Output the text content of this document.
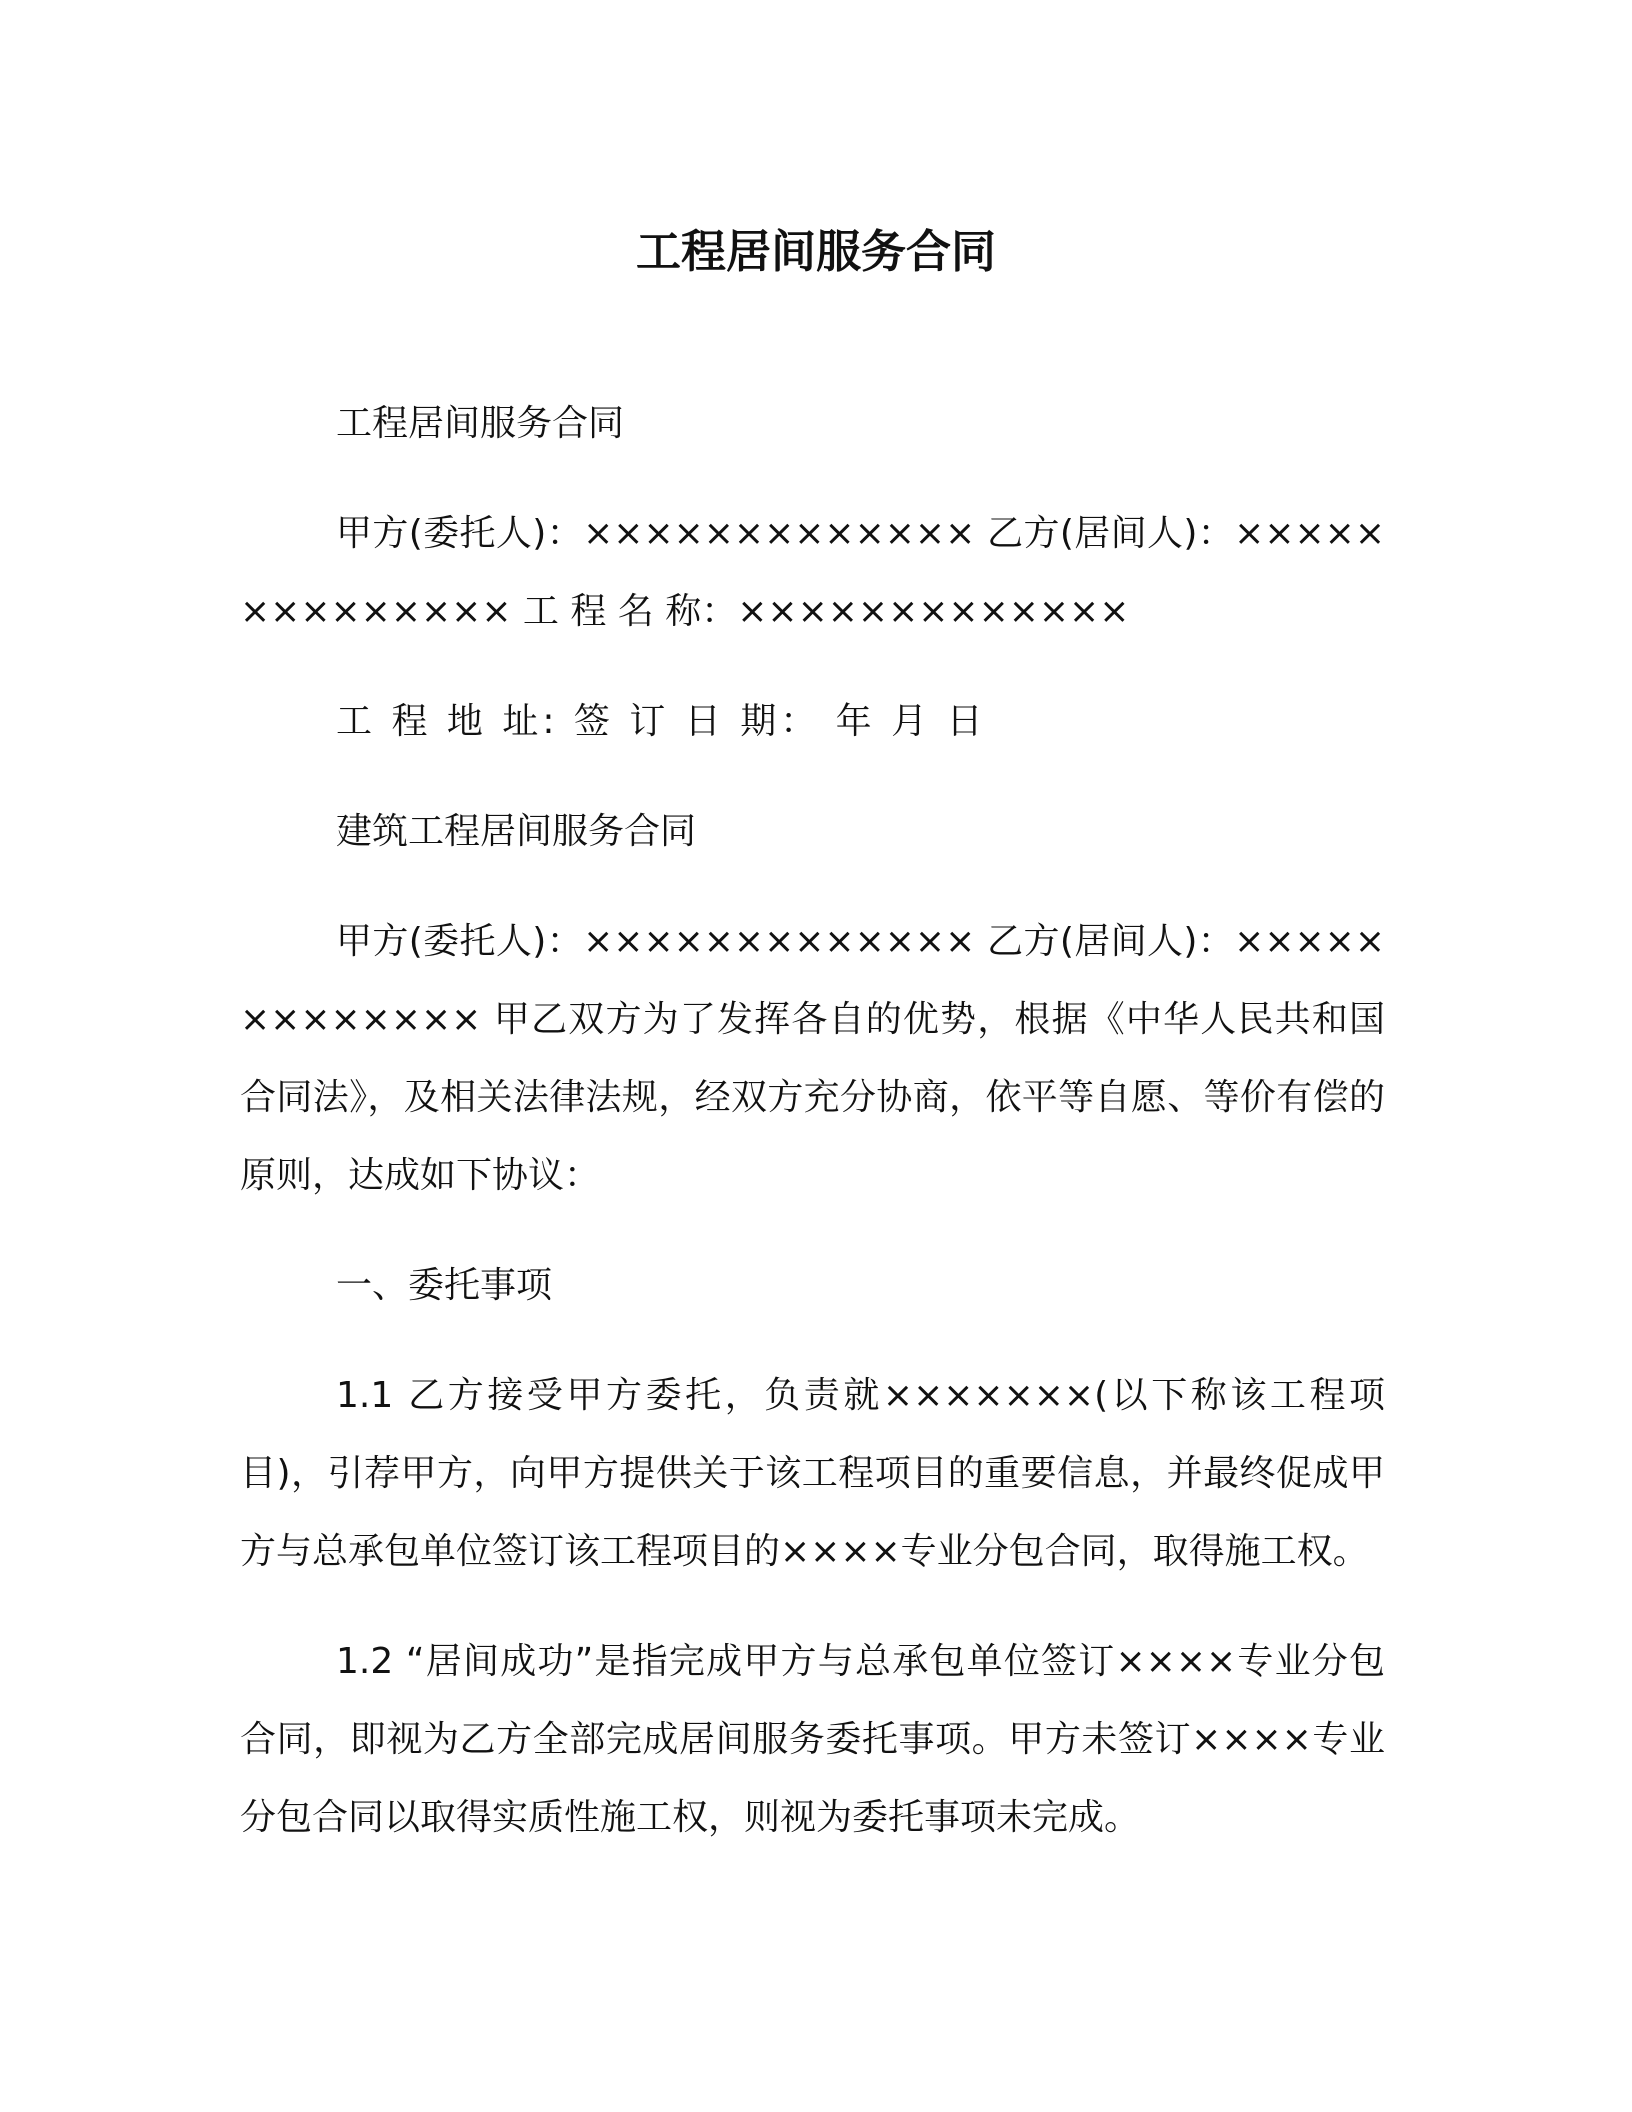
工程居间服务合同

工程居间服务合同

甲方(委托人)：××××××××××××× 乙方(居间人)：×××××××××××××× 工 程 名 称：×××××××××××××

工 程 地 址: 签 订 日 期： 年 月 日

建筑工程居间服务合同

甲方(委托人)：××××××××××××× 乙方(居间人)：××××××××××××× 甲乙双方为了发挥各自的优势，根据《中华人民共和国合同法》，及相关法律法规，经双方充分协商，依平等自愿、等价有偿的原则，达成如下协议：

一、委托事项

1.1 乙方接受甲方委托，负责就×××××××(以下称该工程项目)，引荐甲方，向甲方提供关于该工程项目的重要信息，并最终促成甲方与总承包单位签订该工程项目的××××专业分包合同，取得施工权。

1.2 “居间成功”是指完成甲方与总承包单位签订××××专业分包合同，即视为乙方全部完成居间服务委托事项。甲方未签订××××专业分包合同以取得实质性施工权，则视为委托事项未完成。
